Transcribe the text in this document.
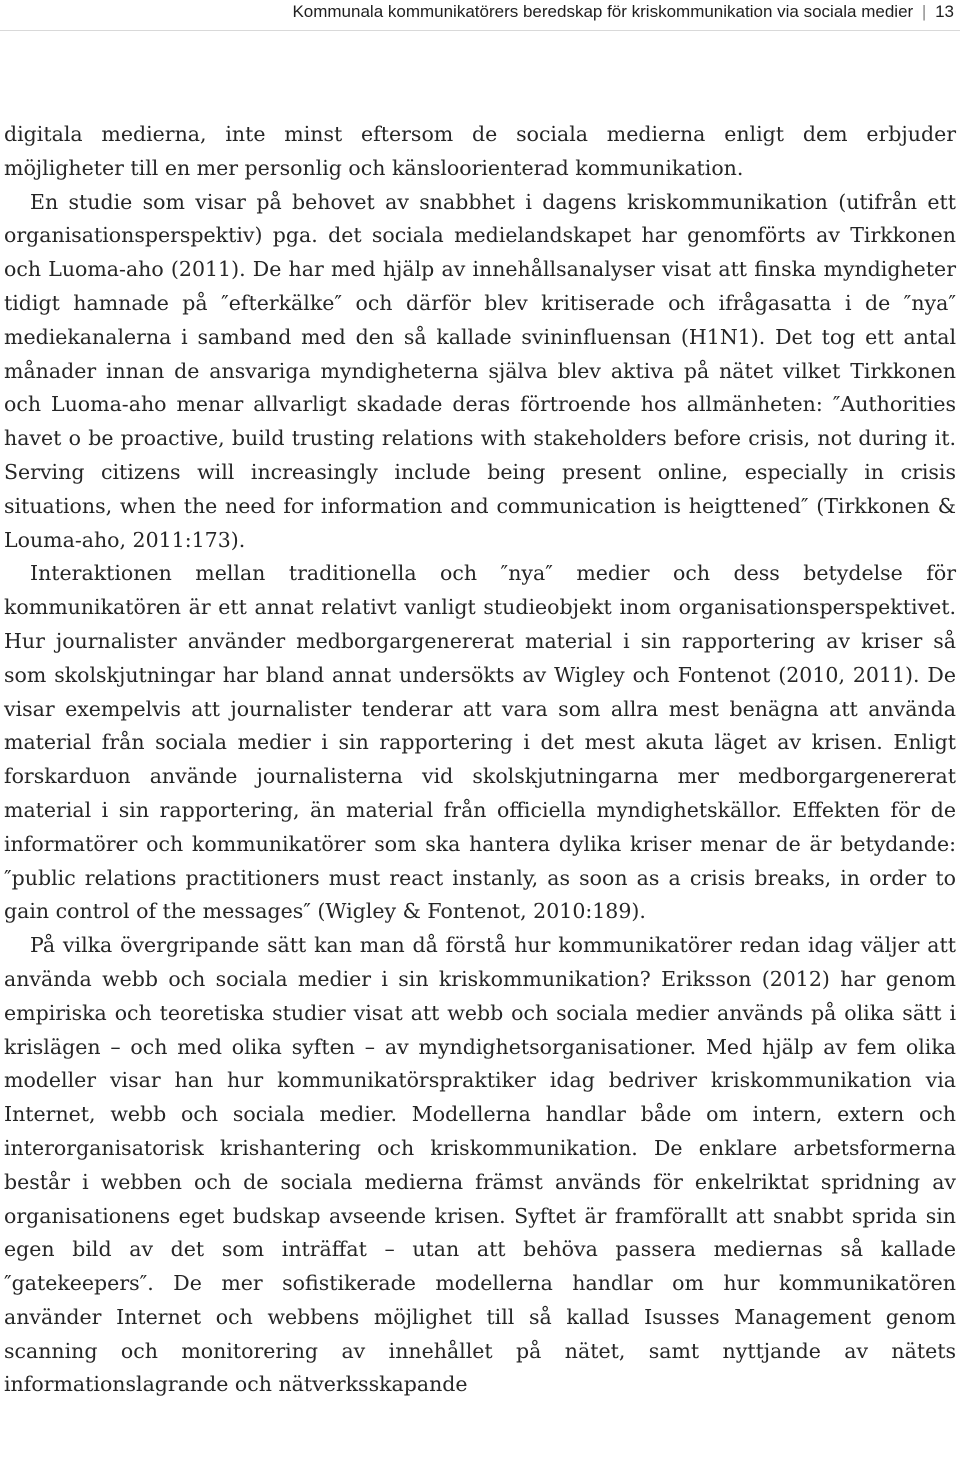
Kommunala kommunikatörers beredskap för kriskommunikation via sociala medier | 13

digitala medierna, inte minst eftersom de sociala medierna enligt dem erbjuder möjligheter till en mer personlig och känsloorienterad kommunikation.

En studie som visar på behovet av snabbhet i dagens kriskommunikation (utifrån ett organisationsperspektiv) pga. det sociala medielandskapet har genomförts av Tirkkonen och Luoma-aho (2011). De har med hjälp av innehållsanalyser visat att finska myndigheter tidigt hamnade på ″efterkälke″ och därför blev kritiserade och ifrågasatta i de ″nya″ mediekanalerna i samband med den så kallade svininfluensan (H1N1). Det tog ett antal månader innan de ansvariga myndigheterna själva blev aktiva på nätet vilket Tirkkonen och Luoma-aho menar allvarligt skadade deras förtroende hos allmänheten: ″Authorities havet o be proactive, build trusting relations with stakeholders before crisis, not during it. Serving citizens will increasingly include being present online, especially in crisis situations, when the need for information and communication is heigttened″ (Tirkkonen & Louma-aho, 2011:173).

Interaktionen mellan traditionella och ″nya″ medier och dess betydelse för kommunikatören är ett annat relativt vanligt studieobjekt inom organisationsperspektivet. Hur journalister använder medborgargenererat material i sin rapportering av kriser så som skolskjutningar har bland annat undersökts av Wigley och Fontenot (2010, 2011). De visar exempelvis att journalister tenderar att vara som allra mest benägna att använda material från sociala medier i sin rapportering i det mest akuta läget av krisen. Enligt forskarduon använde journalisterna vid skolskjutningarna mer medborgargenererat material i sin rapportering, än material från officiella myndighetskällor. Effekten för de informatörer och kommunikatörer som ska hantera dylika kriser menar de är betydande: ″public relations practitioners must react instanly, as soon as a crisis breaks, in order to gain control of the messages″ (Wigley & Fontenot, 2010:189).

På vilka övergripande sätt kan man då förstå hur kommunikatörer redan idag väljer att använda webb och sociala medier i sin kriskommunikation? Eriksson (2012) har genom empiriska och teoretiska studier visat att webb och sociala medier används på olika sätt i krislägen – och med olika syften – av myndighetsorganisationer. Med hjälp av fem olika modeller visar han hur kommunikatörspraktiker idag bedriver kriskommunikation via Internet, webb och sociala medier. Modellerna handlar både om intern, extern och interorganisatorisk krishantering och kriskommunikation. De enklare arbetsformerna består i webben och de sociala medierna främst används för enkelriktat spridning av organisationens eget budskap avseende krisen. Syftet är framförallt att snabbt sprida sin egen bild av det som inträffat – utan att behöva passera mediernas så kallade ″gatekeepers″. De mer sofistikerade modellerna handlar om hur kommunikatören använder Internet och webbens möjlighet till så kallad Isusses Management genom scanning och monitorering av innehållet på nätet, samt nyttjande av nätets informationslagrande och nätverksskapande
